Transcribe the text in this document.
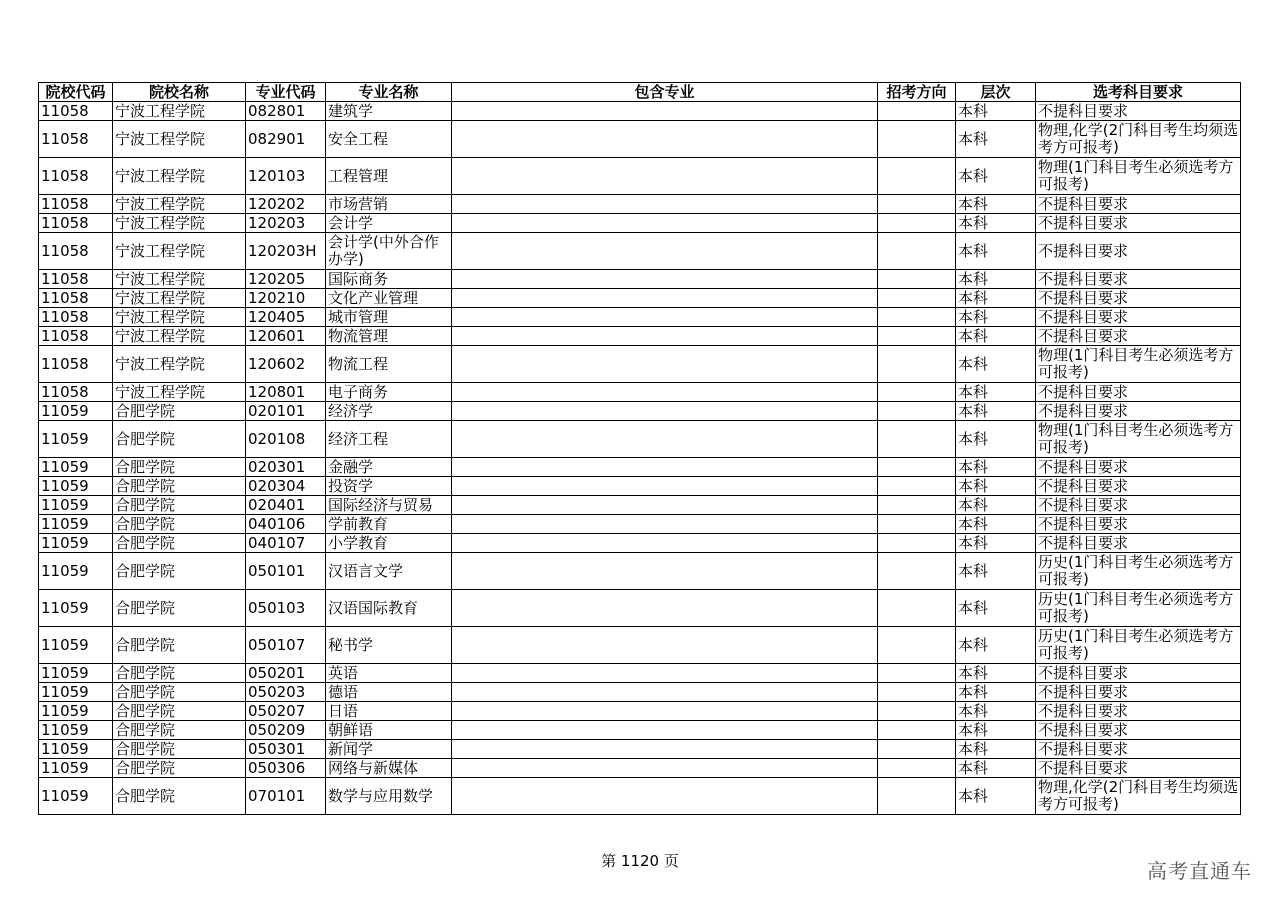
院校代码	院校名称	专业代码	专业名称	包含专业	招考方向	层次	选考科目要求
11058	宁波工程学院	082801	建筑学			本科	不提科目要求
11058	宁波工程学院	082901	安全工程			本科	物理,化学(2门科目考生均须选考方可报考)
11058	宁波工程学院	120103	工程管理			本科	物理(1门科目考生必须选考方可报考)
11058	宁波工程学院	120202	市场营销			本科	不提科目要求
11058	宁波工程学院	120203	会计学			本科	不提科目要求
11058	宁波工程学院	120203H	会计学(中外合作办学)			本科	不提科目要求
11058	宁波工程学院	120205	国际商务			本科	不提科目要求
11058	宁波工程学院	120210	文化产业管理			本科	不提科目要求
11058	宁波工程学院	120405	城市管理			本科	不提科目要求
11058	宁波工程学院	120601	物流管理			本科	不提科目要求
11058	宁波工程学院	120602	物流工程			本科	物理(1门科目考生必须选考方可报考)
11058	宁波工程学院	120801	电子商务			本科	不提科目要求
11059	合肥学院	020101	经济学			本科	不提科目要求
11059	合肥学院	020108	经济工程			本科	物理(1门科目考生必须选考方可报考)
11059	合肥学院	020301	金融学			本科	不提科目要求
11059	合肥学院	020304	投资学			本科	不提科目要求
11059	合肥学院	020401	国际经济与贸易			本科	不提科目要求
11059	合肥学院	040106	学前教育			本科	不提科目要求
11059	合肥学院	040107	小学教育			本科	不提科目要求
11059	合肥学院	050101	汉语言文学			本科	历史(1门科目考生必须选考方可报考)
11059	合肥学院	050103	汉语国际教育			本科	历史(1门科目考生必须选考方可报考)
11059	合肥学院	050107	秘书学			本科	历史(1门科目考生必须选考方可报考)
11059	合肥学院	050201	英语			本科	不提科目要求
11059	合肥学院	050203	德语			本科	不提科目要求
11059	合肥学院	050207	日语			本科	不提科目要求
11059	合肥学院	050209	朝鲜语			本科	不提科目要求
11059	合肥学院	050301	新闻学			本科	不提科目要求
11059	合肥学院	050306	网络与新媒体			本科	不提科目要求
11059	合肥学院	070101	数学与应用数学			本科	物理,化学(2门科目考生均须选考方可报考)
第 1120 页	高考直通车
